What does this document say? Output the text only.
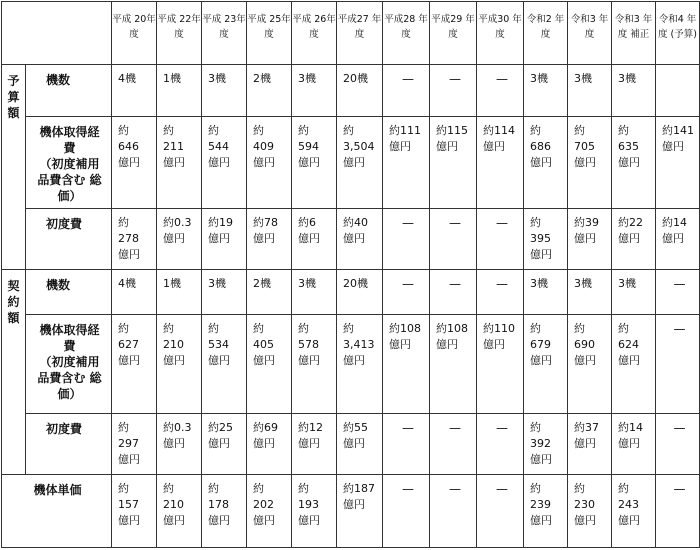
		平成 20年 度	平成 22年 度	平成 23年 度	平成 25年 度	平成 26年 度	平成27 年度	平成28 年度	平成29 年度	平成30 年度	令和2 年度	令和3 年度	令和3 年度 補正	令和4 年度 (予算)
予
算
額	機数	4機	1機	3機	2機	3機	20機	—	—	—	3機	3機	3機	
	機体取得経
費
（初度補用
品費含む 総
価）	約
646
億円	約
211
億円	約
544
億円	約
409
億円	約
594
億円	約
3,504
億円	約111
億円	約115
億円	約114
億円	約
686
億円	約
705
億円	約
635
億円	約141
億円
	初度費	約
278
億円	約0.3
億円	約19
億円	約78
億円	約6
億円	約40
億円	—	—	—	約
395
億円	約39
億円	約22
億円	約14
億円
契
約
額	機数	4機	1機	3機	2機	3機	20機	—	—	—	3機	3機	3機	—
	機体取得経
費
（初度補用
品費含む 総
価）	約
627
億円	約
210
億円	約
534
億円	約
405
億円	約
578
億円	約
3,413
億円	約108
億円	約108
億円	約110
億円	約
679
億円	約
690
億円	約
624
億円	—
	初度費	約
297
億円	約0.3
億円	約25
億円	約69
億円	約12
億円	約55
億円	—	—	—	約
392
億円	約37
億円	約14
億円	—
機体単価		約
157
億円	約
210
億円	約
178
億円	約
202
億円	約
193
億円	約187
億円	—	—	—	約
239
億円	約
230
億円	約
243
億円	—
